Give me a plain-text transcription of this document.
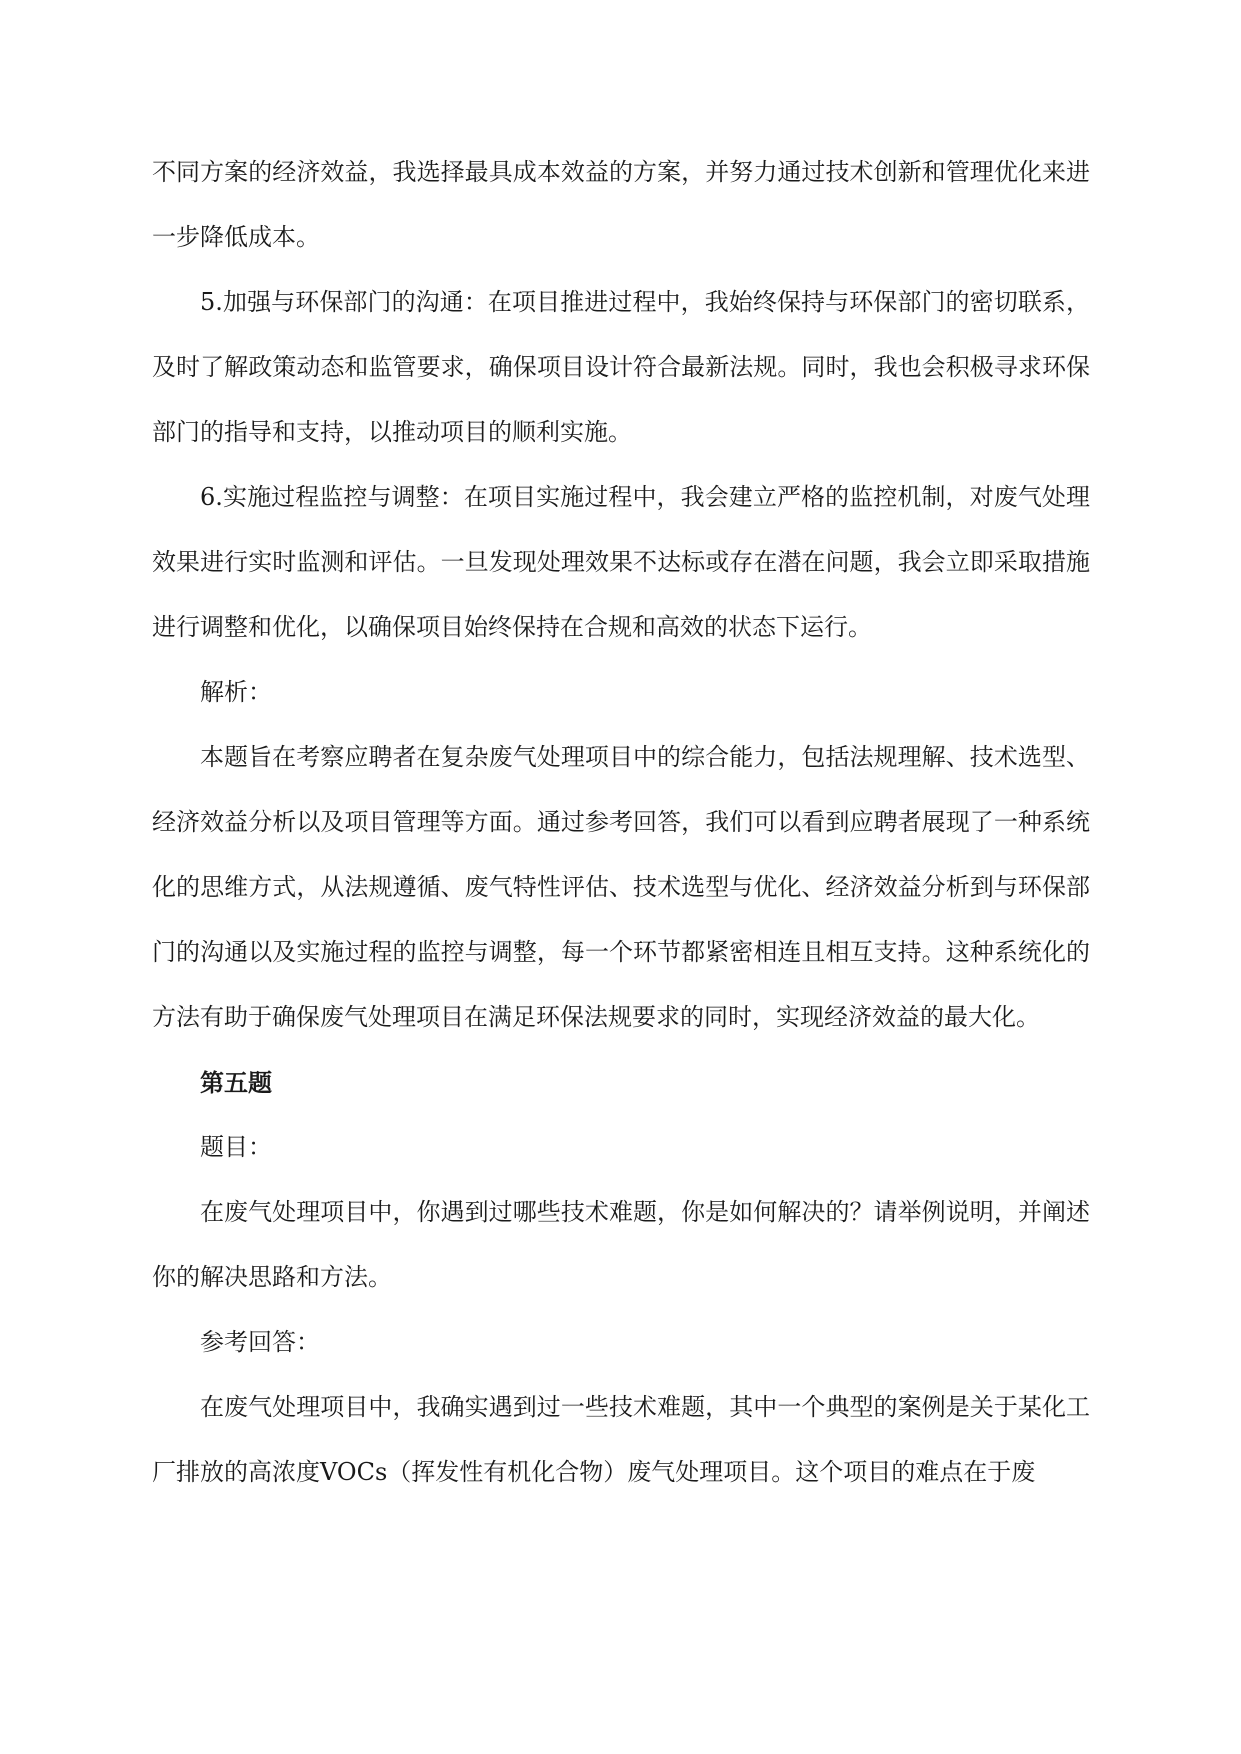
不同方案的经济效益，我选择最具成本效益的方案，并努力通过技术创新和管理优化来进一步降低成本。

5.加强与环保部门的沟通：在项目推进过程中，我始终保持与环保部门的密切联系，及时了解政策动态和监管要求，确保项目设计符合最新法规。同时，我也会积极寻求环保部门的指导和支持，以推动项目的顺利实施。

6.实施过程监控与调整：在项目实施过程中，我会建立严格的监控机制，对废气处理效果进行实时监测和评估。一旦发现处理效果不达标或存在潜在问题，我会立即采取措施进行调整和优化，以确保项目始终保持在合规和高效的状态下运行。

解析：

本题旨在考察应聘者在复杂废气处理项目中的综合能力，包括法规理解、技术选型、经济效益分析以及项目管理等方面。通过参考回答，我们可以看到应聘者展现了一种系统化的思维方式，从法规遵循、废气特性评估、技术选型与优化、经济效益分析到与环保部门的沟通以及实施过程的监控与调整，每一个环节都紧密相连且相互支持。这种系统化的方法有助于确保废气处理项目在满足环保法规要求的同时，实现经济效益的最大化。

第五题

题目：

在废气处理项目中，你遇到过哪些技术难题，你是如何解决的？请举例说明，并阐述你的解决思路和方法。

参考回答：

在废气处理项目中，我确实遇到过一些技术难题，其中一个典型的案例是关于某化工厂排放的高浓度VOCs（挥发性有机化合物）废气处理项目。这个项目的难点在于废
